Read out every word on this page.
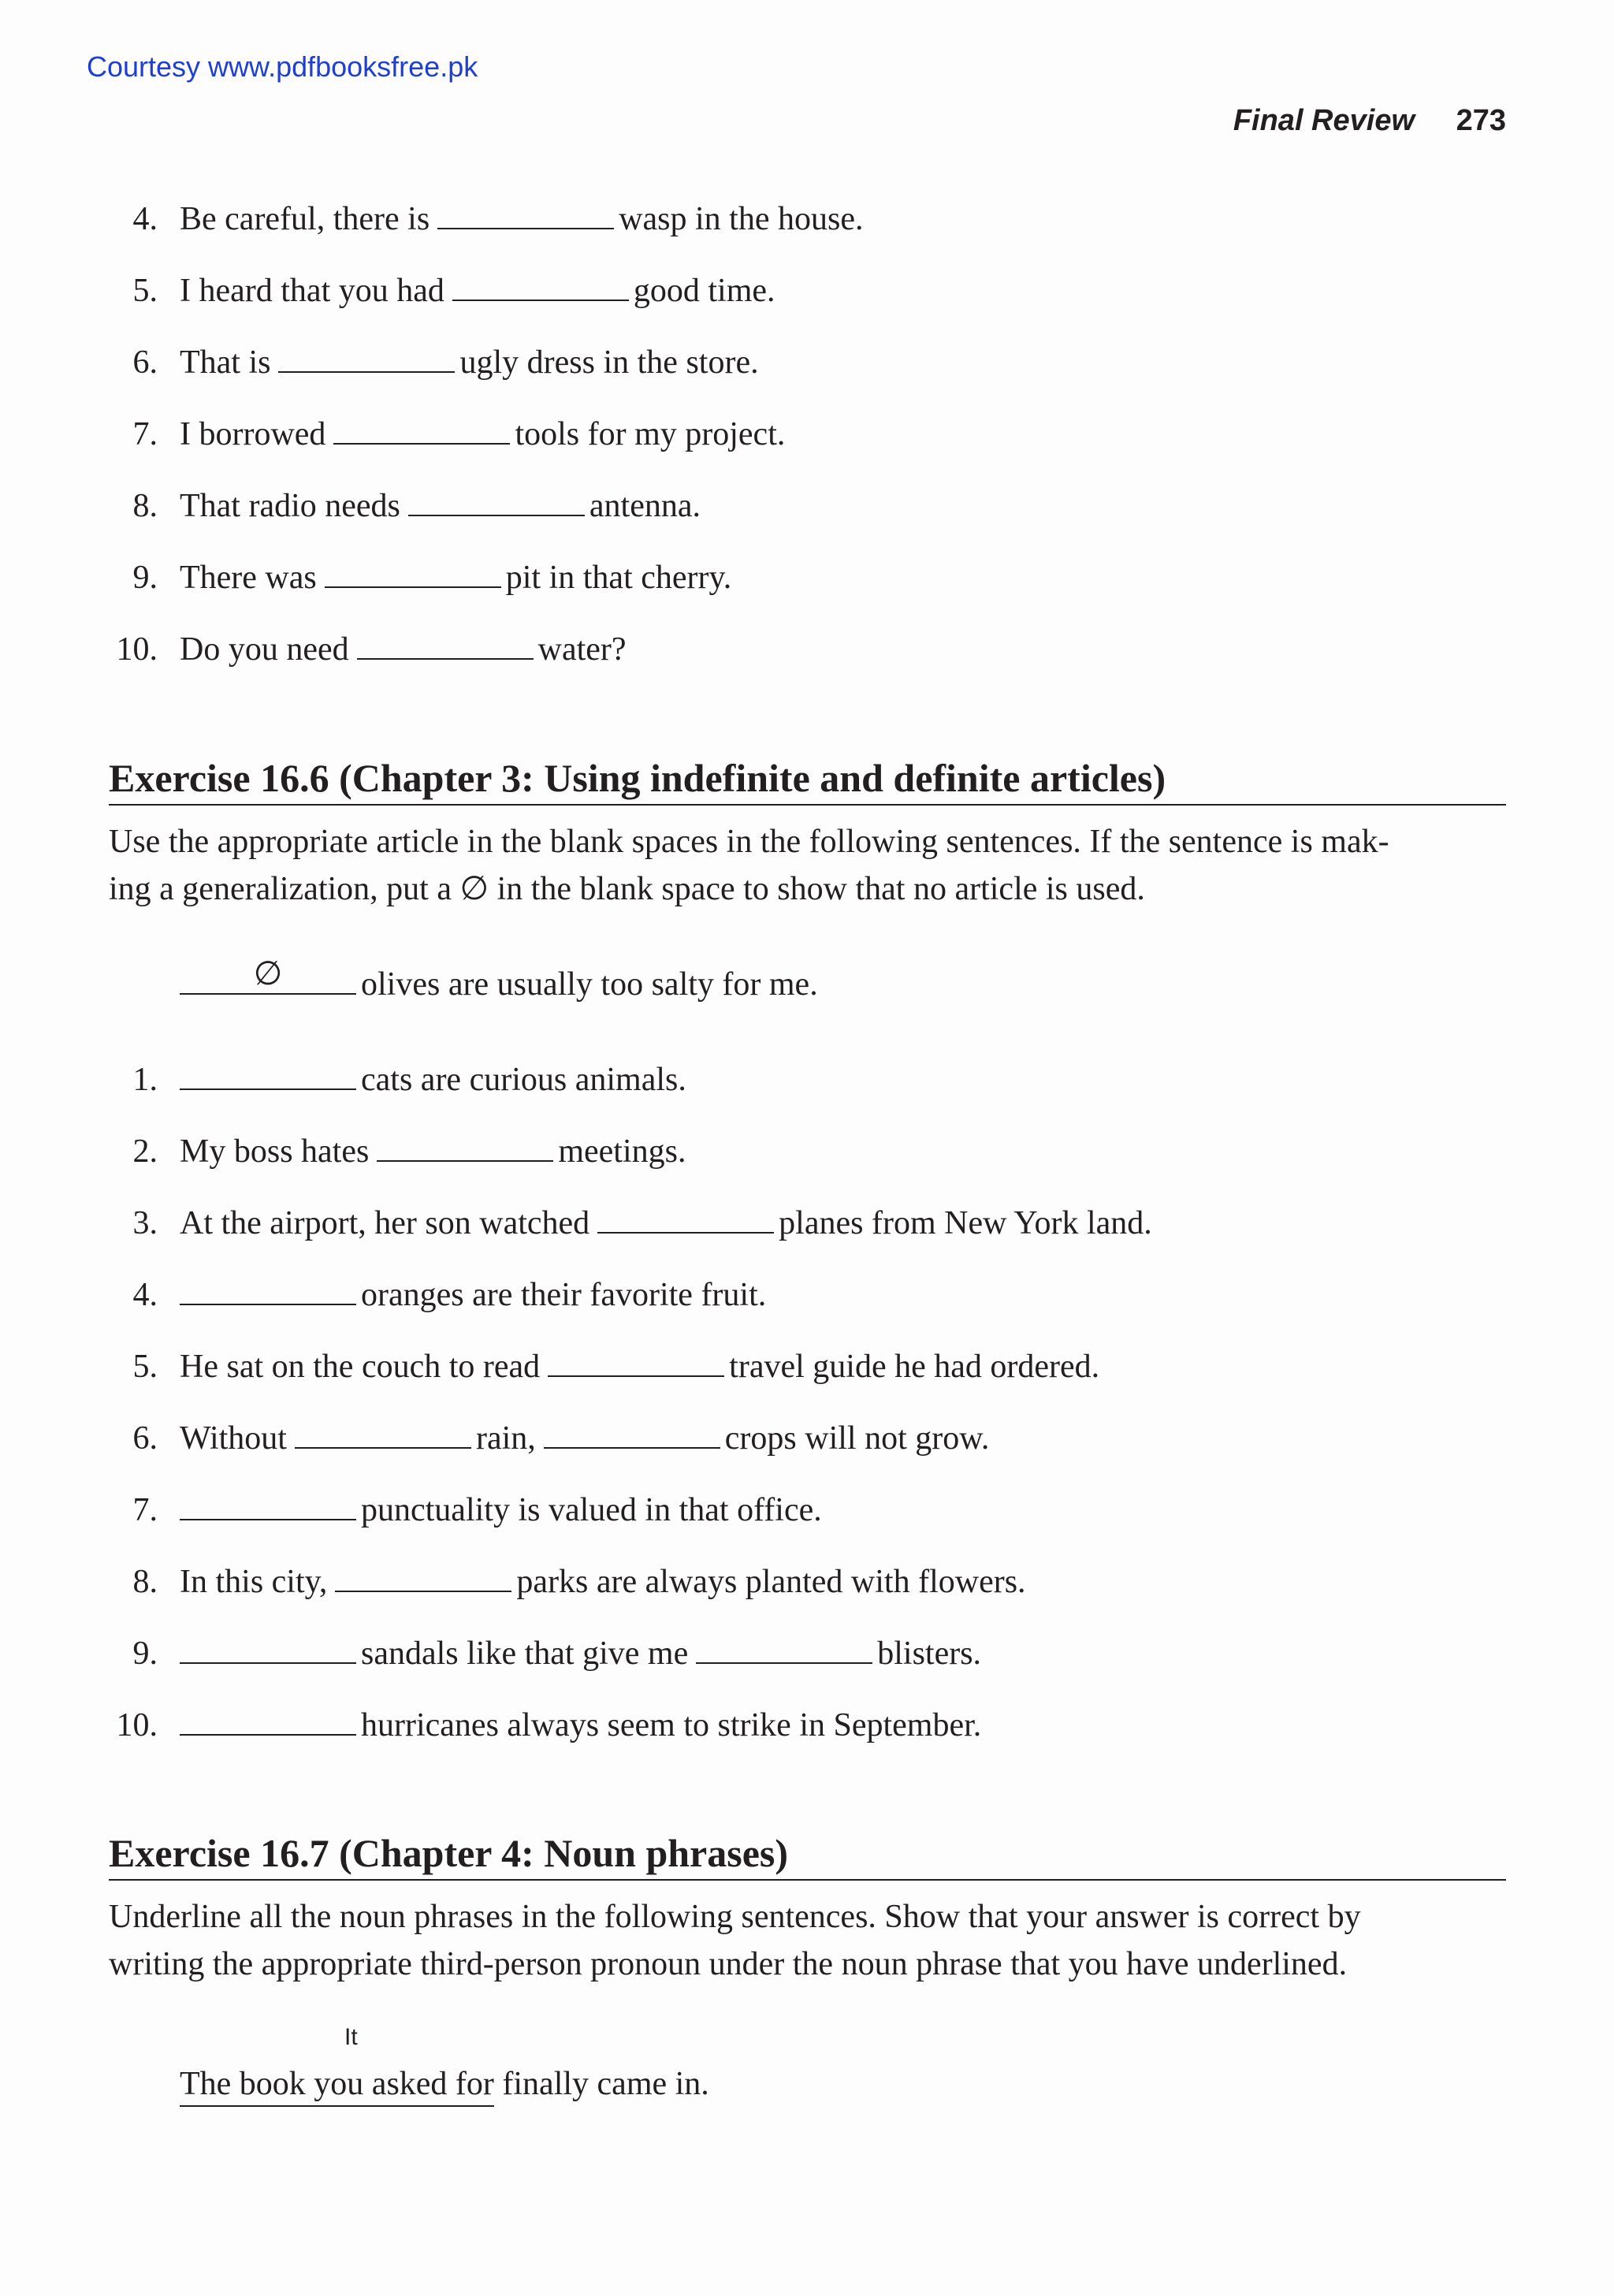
Courtesy www.pdfbooksfree.pk
Final Review 273
4. Be careful, there is	wasp in the house.
5. I heard that you had	good time.
6. That is	ugly dress in the store.
7. I borrowed	tools for my project.
8. That radio needs	antenna.
9. There was	pit in that cherry.
10. Do you need	water?
Exercise 16.6 (Chapter 3: Using indefinite and definite articles)

Use the appropriate article in the blank spaces in the following sentences. If the sentence is mak-

ing a generalization, put a ∅ in the blank space to show that no article is used.

∅	olives are usually too salty for me.
1.	cats are curious animals.
2. My boss hates	meetings.
3. At the airport, her son watched	planes from New York land.
4.	oranges are their favorite fruit.
5. He sat on the couch to read	travel guide he had ordered.
6. Without	rain,	crops will not grow.
7.	punctuality is valued in that office.
8. In this city,	parks are always planted with flowers.
9.	sandals like that give me	blisters.
10.	hurricanes always seem to strike in September.
Exercise 16.7 (Chapter 4: Noun phrases)

Underline all the noun phrases in the following sentences. Show that your answer is correct by

writing the appropriate third-person pronoun under the noun phrase that you have underlined.

It
The book you asked for finally came in.
